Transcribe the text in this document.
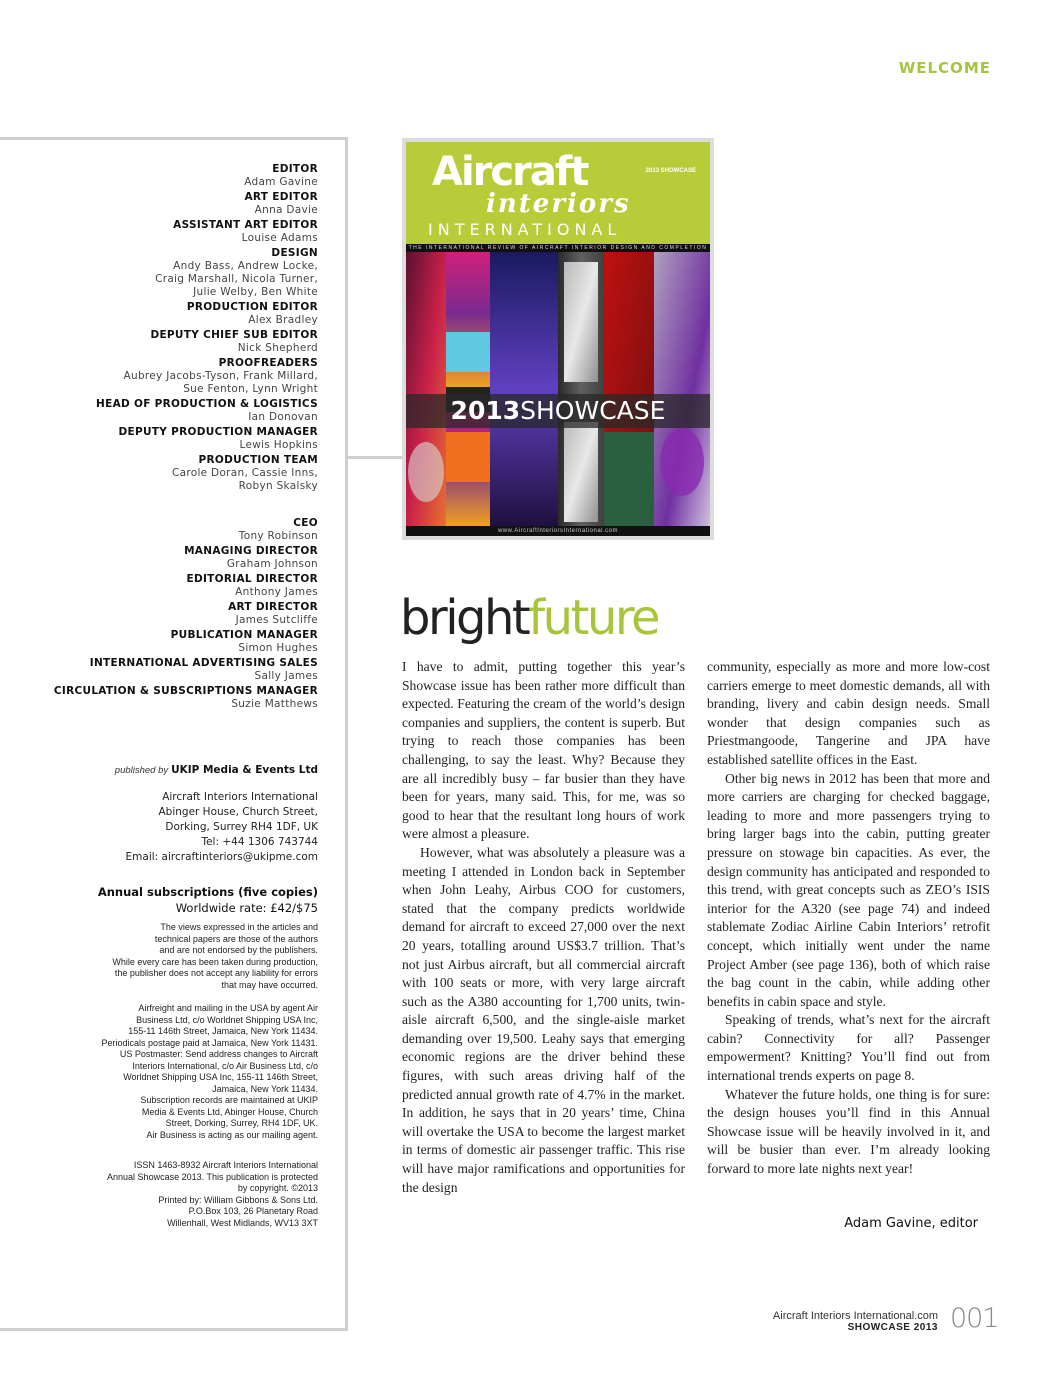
WELCOME
EDITOR
Adam Gavine
ART EDITOR
Anna Davie
ASSISTANT ART EDITOR
Louise Adams
DESIGN
Andy Bass, Andrew Locke,
Craig Marshall, Nicola Turner,
Julie Welby, Ben White
PRODUCTION EDITOR
Alex Bradley
DEPUTY CHIEF SUB EDITOR
Nick Shepherd
PROOFREADERS
Aubrey Jacobs-Tyson, Frank Millard,
Sue Fenton, Lynn Wright
HEAD OF PRODUCTION & LOGISTICS
Ian Donovan
DEPUTY PRODUCTION MANAGER
Lewis Hopkins
PRODUCTION TEAM
Carole Doran, Cassie Inns,
Robyn Skalsky
CEO
Tony Robinson
MANAGING DIRECTOR
Graham Johnson
EDITORIAL DIRECTOR
Anthony James
ART DIRECTOR
James Sutcliffe
PUBLICATION MANAGER
Simon Hughes
INTERNATIONAL ADVERTISING SALES
Sally James
CIRCULATION & SUBSCRIPTIONS MANAGER
Suzie Matthews
published by UKIP Media & Events Ltd
Aircraft Interiors International
Abinger House, Church Street,
Dorking, Surrey RH4 1DF, UK
Tel: +44 1306 743744
Email: aircraftinteriors@ukipme.com
Annual subscriptions (five copies)
Worldwide rate: £42/$75
The views expressed in the articles and
technical papers are those of the authors
and are not endorsed by the publishers.
While every care has been taken during production,
the publisher does not accept any liability for errors
that may have occurred.
Airfreight and mailing in the USA by agent Air
Business Ltd, c/o Worldnet Shipping USA Inc,
155-11 146th Street, Jamaica, New York 11434.
Periodicals postage paid at Jamaica, New York 11431.
US Postmaster: Send address changes to Aircraft
Interiors International, c/o Air Business Ltd, c/o
Worldnet Shipping USA Inc, 155-11 146th Street,
Jamaica, New York 11434.
Subscription records are maintained at UKIP
Media & Events Ltd, Abinger House, Church
Street, Dorking, Surrey, RH4 1DF, UK.
Air Business is acting as our mailing agent.
ISSN 1463-8932 Aircraft Interiors International
Annual Showcase 2013. This publication is protected
by copyright. ©2013
Printed by: William Gibbons & Sons Ltd.
P.O.Box 103, 26 Planetary Road
Willenhall, West Midlands, WV13 3XT
Aircraft
interiors
INTERNATIONAL
2013 SHOWCASE
THE INTERNATIONAL REVIEW OF AIRCRAFT INTERIOR DESIGN AND COMPLETION
2013SHOWCASE
www.AircraftInteriorsInternational.com
brightfuture

I have to admit, putting together this year’s Showcase issue has been rather more difficult than expected. Featuring the cream of the world’s design companies and suppliers, the content is superb. But trying to reach those companies has been challenging, to say the least. Why? Because they are all incredibly busy – far busier than they have been for years, many said. This, for me, was so good to hear that the resultant long hours of work were almost a pleasure.

However, what was absolutely a pleasure was a meeting I attended in London back in September when John Leahy, Airbus COO for customers, stated that the company predicts worldwide demand for aircraft to exceed 27,000 over the next 20 years, totalling around US$3.7 trillion. That’s not just Airbus aircraft, but all commercial aircraft with 100 seats or more, with very large aircraft such as the A380 accounting for 1,700 units, twin-aisle aircraft 6,500, and the single-aisle market demanding over 19,500. Leahy says that emerging economic regions are the driver behind these figures, with such areas driving half of the predicted annual growth rate of 4.7% in the market. In addition, he says that in 20 years’ time, China will overtake the USA to become the largest market in terms of domestic air passenger traffic. This rise will have major ramifications and opportunities for the design

community, especially as more and more low-cost carriers emerge to meet domestic demands, all with branding, livery and cabin design needs. Small wonder that design companies such as Priestmangoode, Tangerine and JPA have established satellite offices in the East.

Other big news in 2012 has been that more and more carriers are charging for checked baggage, leading to more and more passengers trying to bring larger bags into the cabin, putting greater pressure on stowage bin capacities. As ever, the design community has anticipated and responded to this trend, with great concepts such as ZEO’s ISIS interior for the A320 (see page 74) and indeed stablemate Zodiac Airline Cabin Interiors’ retrofit concept, which initially went under the name Project Amber (see page 136), both of which raise the bag count in the cabin, while adding other benefits in cabin space and style.

Speaking of trends, what’s next for the aircraft cabin? Connectivity for all? Passenger empowerment? Knitting? You’ll find out from international trends experts on page 8.

Whatever the future holds, one thing is for sure: the design houses you’ll find in this Annual Showcase issue will be heavily involved in it, and will be busier than ever. I’m already looking forward to more late nights next year!

Adam Gavine, editor
Aircraft Interiors International.com
SHOWCASE 2013 001
